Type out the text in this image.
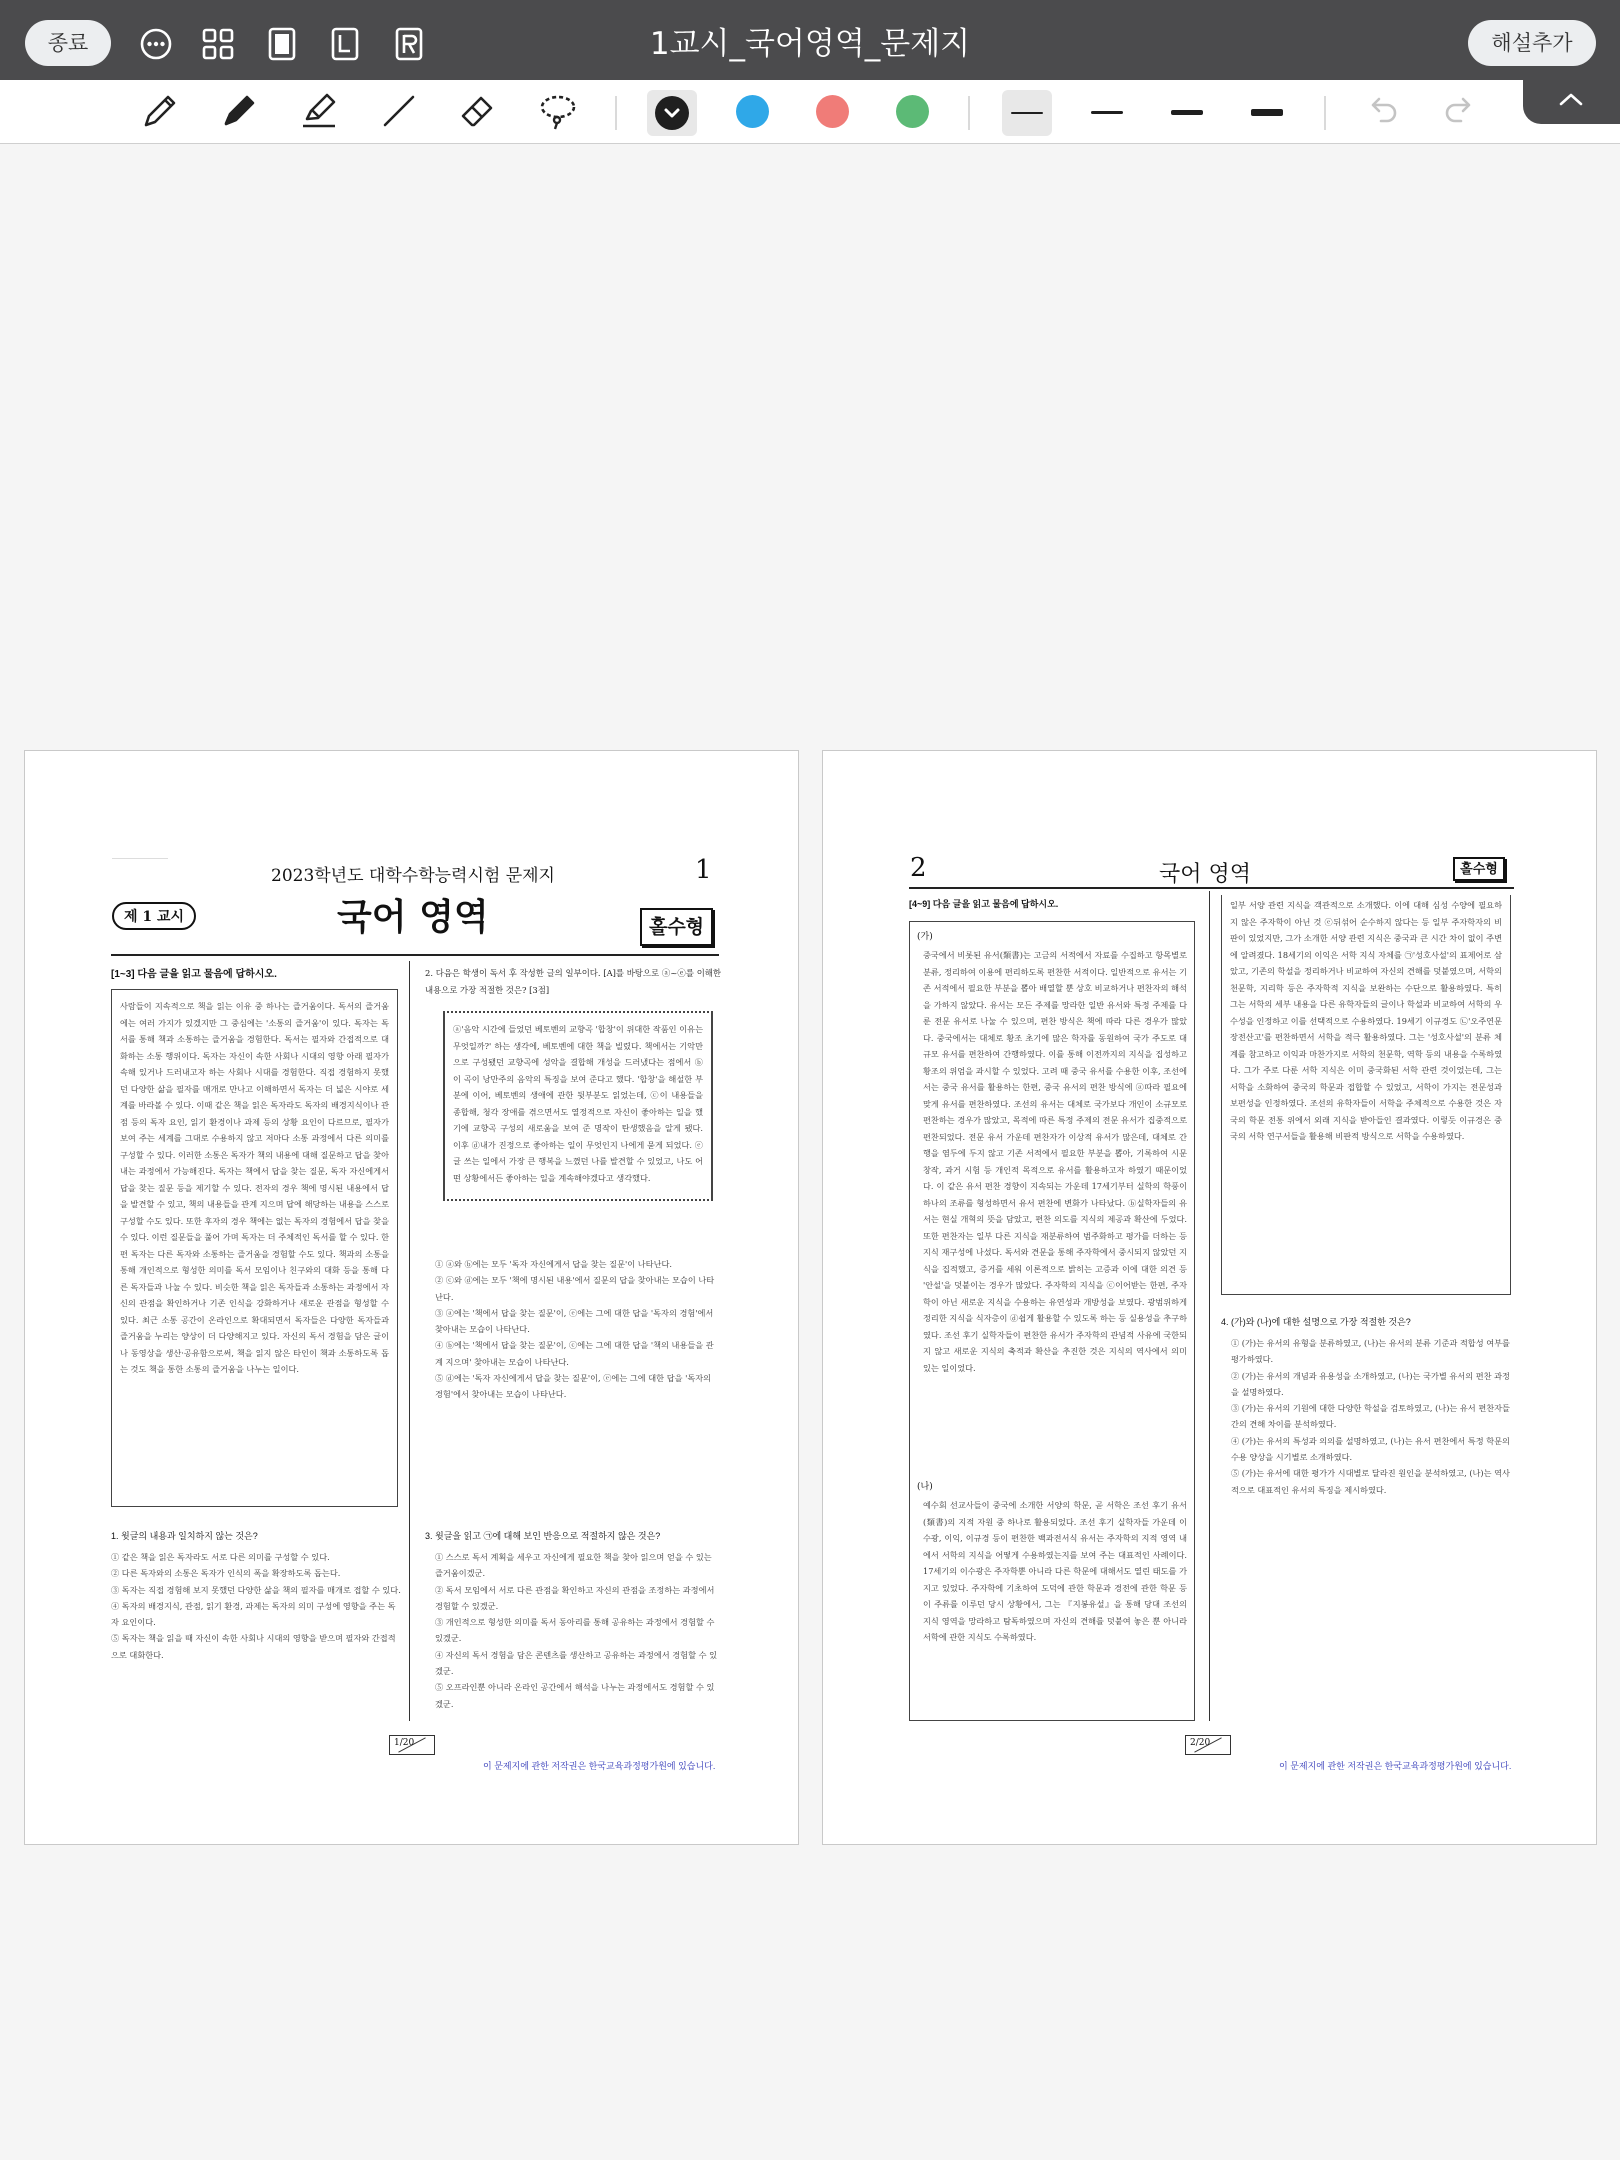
종료	1교시_국어영역_문제지	해설추가
2023학년도 대학수학능력시험 문제지	1
제 1 교시	국어 영역	홀수형
[1~3] 다음 글을 읽고 물음에 답하시오.
사람들이 지속적으로 책을 읽는 이유 중 하나는 즐거움이다. 독서의 즐거움에는 여러 가지가 있겠지만 그 중심에는 '소통의 즐거움'이 있다. 독자는 독서를 통해 책과 소통하는 즐거움을 경험한다. 독서는 필자와 간접적으로 대화하는 소통 행위이다. 독자는 자신이 속한 사회나 시대의 영향 아래 필자가 속해 있거나 드러내고자 하는 사회나 시대를 경험한다. 직접 경험하지 못했던 다양한 삶을 필자를 매개로 만나고 이해하면서 독자는 더 넓은 시야로 세계를 바라볼 수 있다. 이때 같은 책을 읽은 독자라도 독자의 배경지식이나 관점 등의 독자 요인, 읽기 환경이나 과제 등의 상황 요인이 다르므로, 필자가 보여 주는 세계를 그대로 수용하지 않고 저마다 소통 과정에서 다른 의미를 구성할 수 있다. 이러한 소통은 독자가 책의 내용에 대해 질문하고 답을 찾아내는 과정에서 가능해진다. 독자는 책에서 답을 찾는 질문, 독자 자신에게서 답을 찾는 질문 등을 제기할 수 있다. 전자의 경우 책에 명시된 내용에서 답을 발견할 수 있고, 책의 내용들을 관계 지으며 답에 해당하는 내용을 스스로 구성할 수도 있다. 또한 후자의 경우 책에는 없는 독자의 경험에서 답을 찾을 수 있다. 이런 질문들을 풀어 가며 독자는 더 주체적인 독서를 할 수 있다. 한편 독자는 다른 독자와 소통하는 즐거움을 경험할 수도 있다. 책과의 소통을 통해 개인적으로 형성한 의미를 독서 모임이나 친구와의 대화 등을 통해 다른 독자들과 나눌 수 있다. 비슷한 책을 읽은 독자들과 소통하는 과정에서 자신의 관점을 확인하거나 기존 인식을 강화하거나 새로운 관점을 형성할 수 있다. 최근 소통 공간이 온라인으로 확대되면서 독자들은 다양한 독자들과 즐거움을 누리는 양상이 더 다양해지고 있다. 자신의 독서 경험을 담은 글이나 동영상을 생산·공유함으로써, 책을 읽지 않은 타인이 책과 소통하도록 돕는 것도 책을 통한 소통의 즐거움을 나누는 일이다.
1. 윗글의 내용과 일치하지 않는 것은?
① 같은 책을 읽은 독자라도 서로 다른 의미를 구성할 수 있다.
② 다른 독자와의 소통은 독자가 인식의 폭을 확장하도록 돕는다.
③ 독자는 직접 경험해 보지 못했던 다양한 삶을 책의 필자를 매개로 접할 수 있다.
④ 독자의 배경지식, 관점, 읽기 환경, 과제는 독자의 의미 구성에 영향을 주는 독자 요인이다.
⑤ 독자는 책을 읽을 때 자신이 속한 사회나 시대의 영향을 받으며 필자와 간접적으로 대화한다.
2. 다음은 학생이 독서 후 작성한 글의 일부이다. [A]를 바탕으로 ⓐ~ⓔ를 이해한 내용으로 가장 적절한 것은? [3점]
ⓐ'음악 시간에 들었던 베토벤의 교향곡 '합창'이 위대한 작품인 이유는 무엇일까?' 하는 생각에, 베토벤에 대한 책을 빌렸다. 책에서는 기악만으로 구성됐던 교향곡에 성악을 결합해 개성을 드러냈다는 점에서 ⓑ이 곡이 낭만주의 음악의 특징을 보여 준다고 했다. '합창'을 해설한 부분에 이어, 베토벤의 생애에 관한 뒷부분도 읽었는데, ⓒ이 내용들을 종합해, 청각 장애를 겪으면서도 열정적으로 자신이 좋아하는 일을 했기에 교향곡 구성의 새로움을 보여 준 명작이 탄생했음을 알게 됐다. 이후 ⓓ내가 진정으로 좋아하는 일이 무엇인지 나에게 묻게 되었다. ⓔ글 쓰는 일에서 가장 큰 행복을 느꼈던 나를 발견할 수 있었고, 나도 어떤 상황에서든 좋아하는 일을 계속해야겠다고 생각했다.
① ⓐ와 ⓑ에는 모두 '독자 자신에게서 답을 찾는 질문'이 나타난다.
② ⓒ와 ⓓ에는 모두 '책에 명시된 내용'에서 질문의 답을 찾아내는 모습이 나타난다.
③ ⓐ에는 '책에서 답을 찾는 질문'이, ⓔ에는 그에 대한 답을 '독자의 경험'에서 찾아내는 모습이 나타난다.
④ ⓑ에는 '책에서 답을 찾는 질문'이, ⓒ에는 그에 대한 답을 '책의 내용들을 관계 지으며' 찾아내는 모습이 나타난다.
⑤ ⓓ에는 '독자 자신에게서 답을 찾는 질문'이, ⓔ에는 그에 대한 답을 '독자의 경험'에서 찾아내는 모습이 나타난다.
3. 윗글을 읽고 ㉠에 대해 보인 반응으로 적절하지 않은 것은?
① 스스로 독서 계획을 세우고 자신에게 필요한 책을 찾아 읽으며 얻을 수 있는 즐거움이겠군.
② 독서 모임에서 서로 다른 관점을 확인하고 자신의 관점을 조정하는 과정에서 경험할 수 있겠군.
③ 개인적으로 형성한 의미를 독서 동아리를 통해 공유하는 과정에서 경험할 수 있겠군.
④ 자신의 독서 경험을 담은 콘텐츠를 생산하고 공유하는 과정에서 경험할 수 있겠군.
⑤ 오프라인뿐 아니라 온라인 공간에서 해석을 나누는 과정에서도 경험할 수 있겠군.
1/20
이 문제지에 관한 저작권은 한국교육과정평가원에 있습니다.
2	국어 영역	홀수형
[4~9] 다음 글을 읽고 물음에 답하시오.
(가)
중국에서 비롯된 유서(類書)는 고금의 서적에서 자료를 수집하고 항목별로 분류, 정리하여 이용에 편리하도록 편찬한 서적이다. 일반적으로 유서는 기존 서적에서 필요한 부분을 뽑아 배열할 뿐 상호 비교하거나 편찬자의 해석을 가하지 않았다. 유서는 모든 주제를 망라한 일반 유서와 특정 주제를 다룬 전문 유서로 나눌 수 있으며, 편찬 방식은 책에 따라 다른 경우가 많았다. 중국에서는 대체로 황조 초기에 많은 학자를 동원하여 국가 주도로 대규모 유서를 편찬하여 간행하였다. 이를 통해 이전까지의 지식을 집성하고 황조의 위엄을 과시할 수 있었다. 고려 때 중국 유서를 수용한 이후, 조선에서는 중국 유서를 활용하는 한편, 중국 유서의 편찬 방식에 ⓐ따라 필요에 맞게 유서를 편찬하였다. 조선의 유서는 대체로 국가보다 개인이 소규모로 편찬하는 경우가 많았고, 목적에 따른 특정 주제의 전문 유서가 집중적으로 편찬되었다. 전문 유서 가운데 편찬자가 이상적 유서가 많은데, 대체로 간행을 염두에 두지 않고 기존 서적에서 필요한 부분을 뽑아, 기록하여 시문 창작, 과거 시험 등 개인적 목적으로 유서를 활용하고자 하였기 때문이었다. 이 같은 유서 편찬 경향이 지속되는 가운데 17세기부터 실학의 학풍이 하나의 조류를 형성하면서 유서 편찬에 변화가 나타났다. ⓑ실학자들의 유서는 현실 개혁의 뜻을 담았고, 편찬 의도를 지식의 제공과 확산에 두었다. 또한 편찬자는 일부 다른 지식을 재분류하여 범주화하고 평가를 더하는 등 지식 재구성에 나섰다. 독서와 견문을 통해 주자학에서 중시되지 않았던 지식을 집적했고, 증거를 세워 이론적으로 밝히는 고증과 이에 대한 의견 등 '안설'을 덧붙이는 경우가 많았다. 주자학의 지식을 ⓒ이어받는 한편, 주자학이 아닌 새로운 지식을 수용하는 유연성과 개방성을 보였다. 광범위하게 정리한 지식을 식자층이 ⓓ쉽게 활용할 수 있도록 하는 등 실용성을 추구하였다. 조선 후기 실학자들이 편찬한 유서가 주자학의 관념적 사유에 국한되지 않고 새로운 지식의 축적과 확산을 추진한 것은 지식의 역사에서 의미 있는 일이었다.
(나)
예수회 선교사들이 중국에 소개한 서양의 학문, 곧 서학은 조선 후기 유서(類書)의 지적 자원 중 하나로 활용되었다. 조선 후기 실학자들 가운데 이수광, 이익, 이규경 등이 편찬한 백과전서식 유서는 주자학의 지적 영역 내에서 서학의 지식을 어떻게 수용하였는지를 보여 주는 대표적인 사례이다. 17세기의 이수광은 주자학뿐 아니라 다른 학문에 대해서도 열린 태도를 가지고 있었다. 주자학에 기초하여 도덕에 관한 학문과 경전에 관한 학문 등이 주류를 이루던 당시 상황에서, 그는 『지봉유설』을 통해 당대 조선의 지식 영역을 망라하고 탐독하였으며 자신의 견해를 덧붙여 놓은 뿐 아니라 서학에 관한 지식도 수록하였다.
일부 서양 관련 지식을 객관적으로 소개했다. 이에 대해 심성 수양에 필요하지 않은 주자학이 아닌 것 ⓔ뒤섞어 순수하지 않다는 등 일부 주자학자의 비판이 있었지만, 그가 소개한 서양 관련 지식은 중국과 큰 시간 차이 없이 주변에 알려졌다. 18세기의 이익은 서학 지식 자체를 ㉠'성호사설'의 표제어로 삼았고, 기존의 학설을 정리하거나 비교하여 자신의 견해를 덧붙였으며, 서학의 천문학, 지리학 등은 주자학적 지식을 보완하는 수단으로 활용하였다. 특히 그는 서학의 세부 내용을 다른 유학자들의 글이나 학설과 비교하여 서학의 우수성을 인정하고 이를 선택적으로 수용하였다. 19세기 이규경도 ㉡'오주연문장전산고'를 편찬하면서 서학을 적극 활용하였다. 그는 '성호사설'의 분류 체계를 참고하고 이익과 마찬가지로 서학의 천문학, 역학 등의 내용을 수록하였다. 그가 주로 다룬 서학 지식은 이미 중국화된 서학 관련 것이었는데, 그는 서학을 소화하여 중국의 학문과 접합할 수 있었고, 서학이 가지는 전문성과 보편성을 인정하였다. 조선의 유학자들이 서학을 주체적으로 수용한 것은 자국의 학문 전통 위에서 외래 지식을 받아들인 결과였다. 이렇듯 이규경은 중국의 서학 연구서들을 활용해 비판적 방식으로 서학을 수용하였다.
4. (가)와 (나)에 대한 설명으로 가장 적절한 것은?
① (가)는 유서의 유형을 분류하였고, (나)는 유서의 분류 기준과 적합성 여부를 평가하였다.
② (가)는 유서의 개념과 유용성을 소개하였고, (나)는 국가별 유서의 편찬 과정을 설명하였다.
③ (가)는 유서의 기원에 대한 다양한 학설을 검토하였고, (나)는 유서 편찬자들 간의 견해 차이를 분석하였다.
④ (가)는 유서의 특성과 의의를 설명하였고, (나)는 유서 편찬에서 특정 학문의 수용 양상을 시기별로 소개하였다.
⑤ (가)는 유서에 대한 평가가 시대별로 달라진 원인을 분석하였고, (나)는 역사적으로 대표적인 유서의 특징을 제시하였다.
2/20
이 문제지에 관한 저작권은 한국교육과정평가원에 있습니다.
